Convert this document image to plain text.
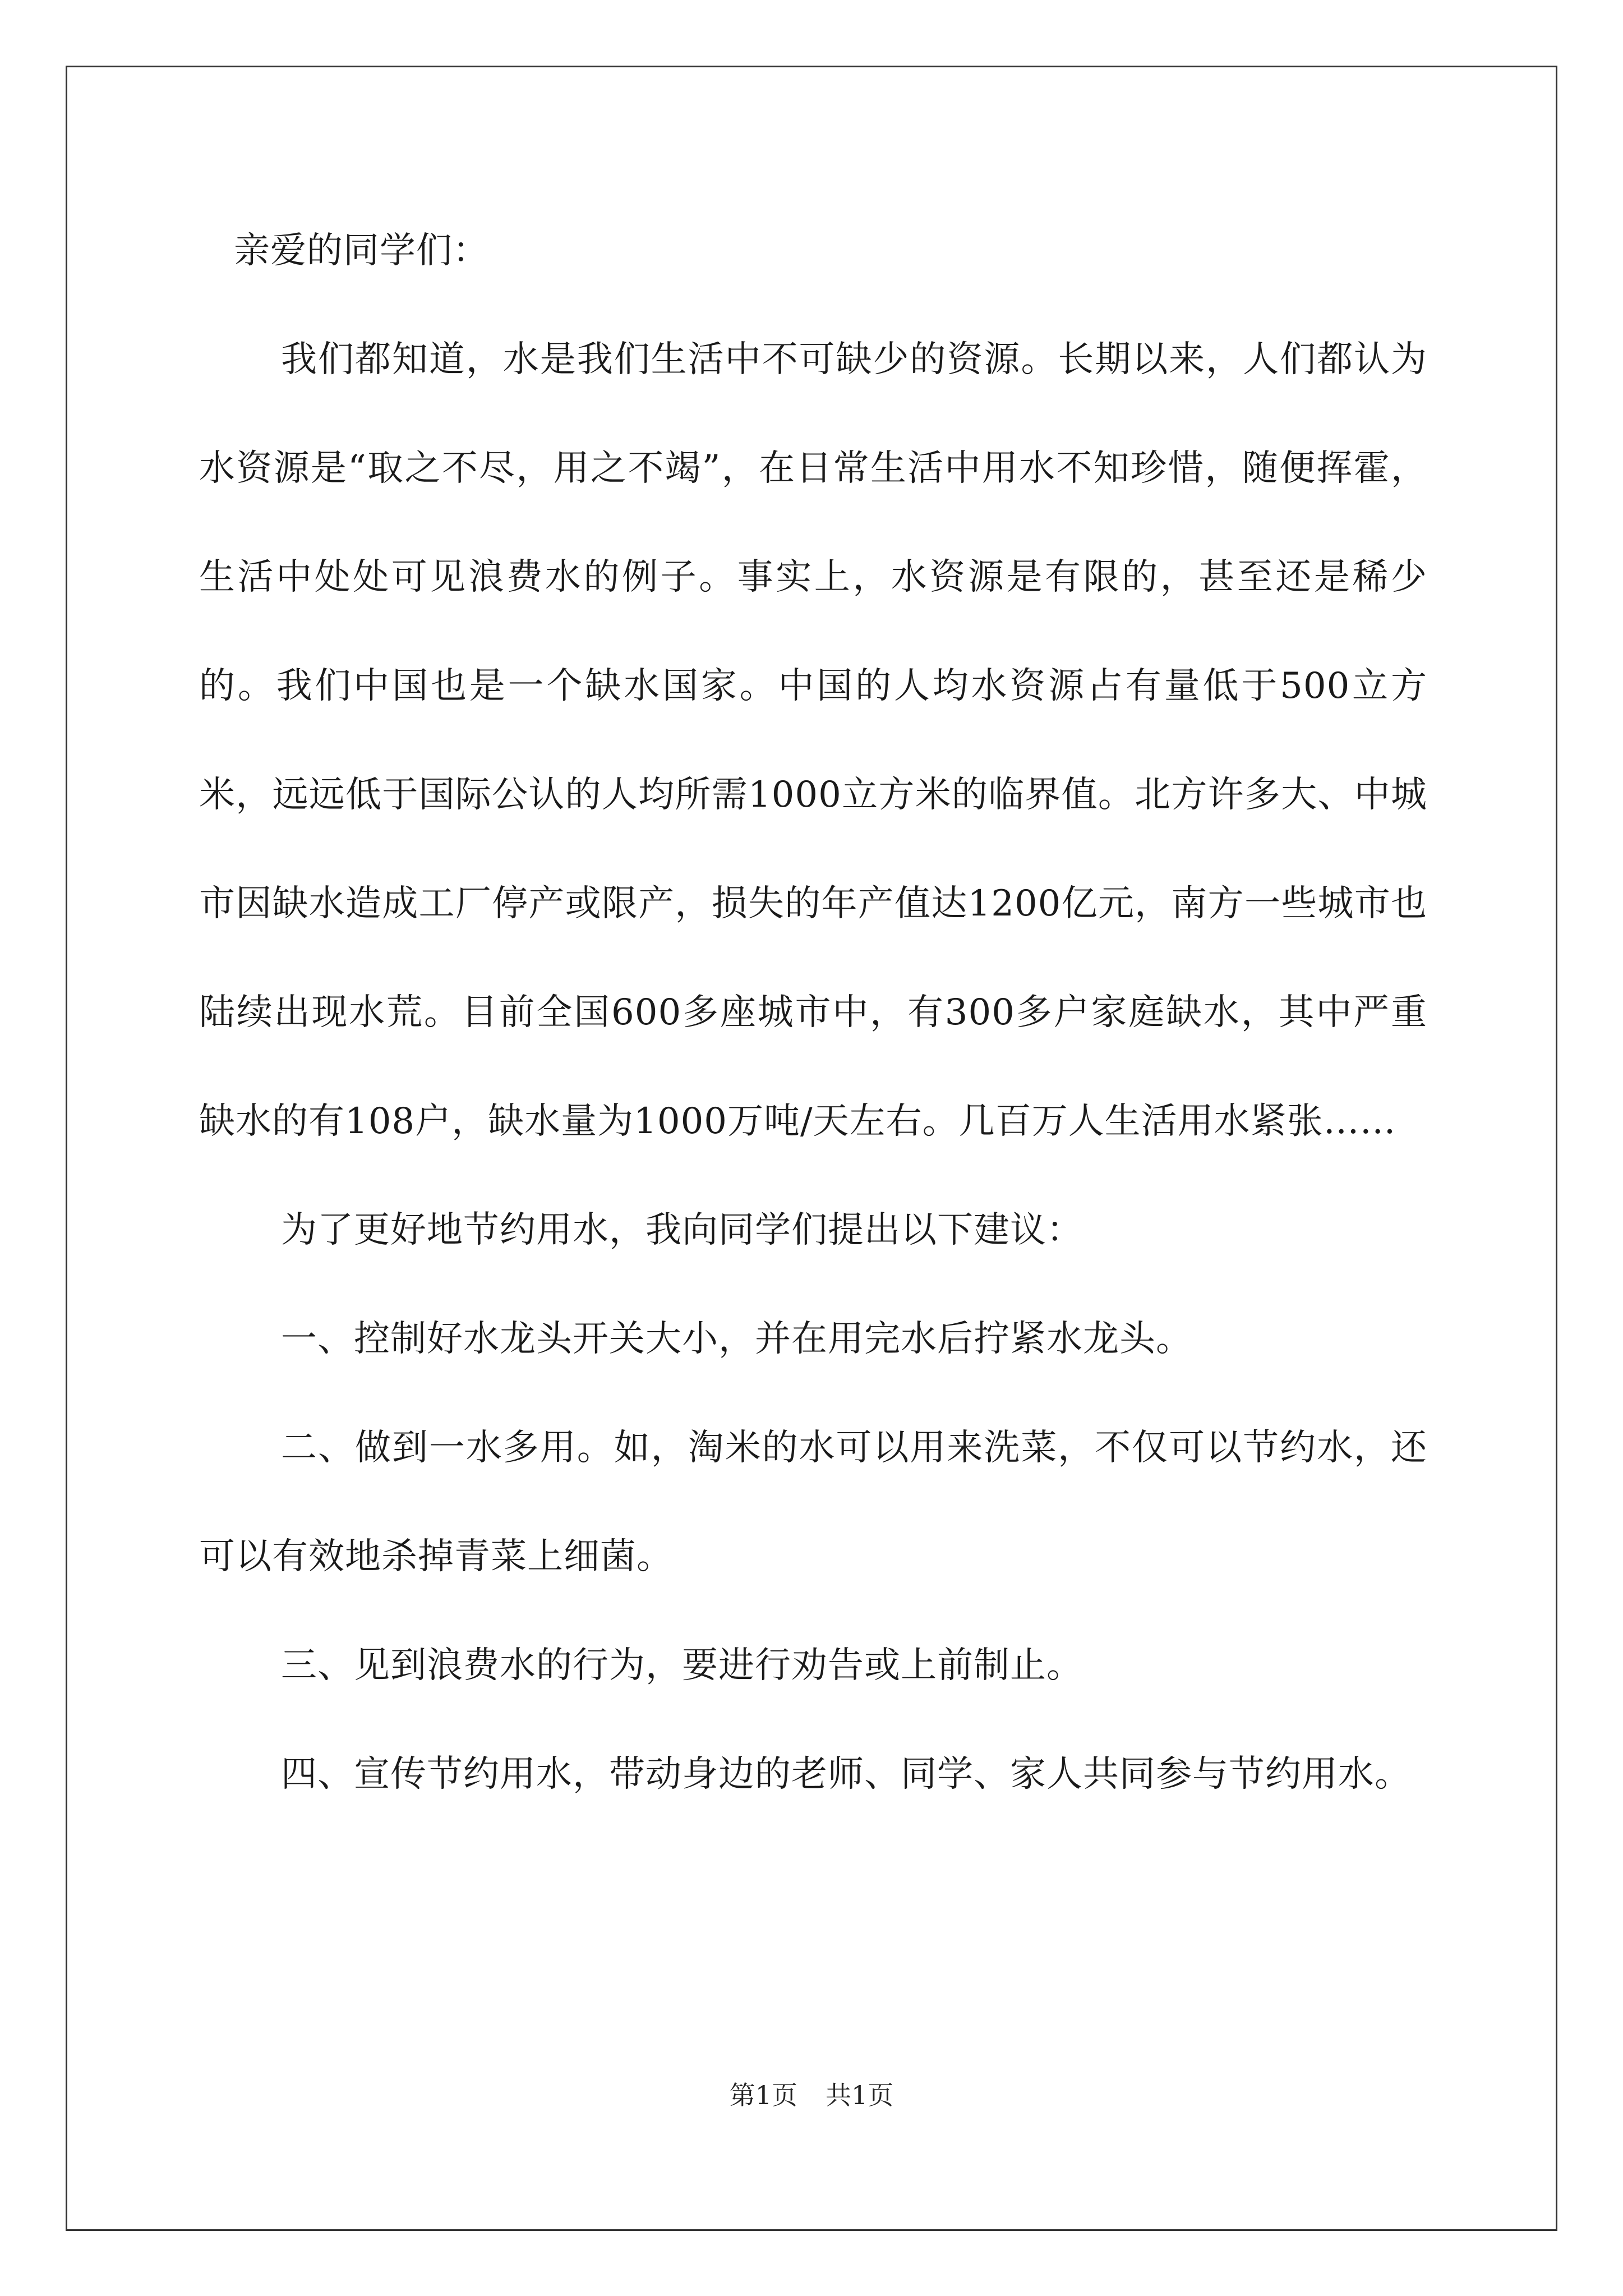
亲爱的同学们：

我们都知道，水是我们生活中不可缺少的资源。长期以来，人们都认为水资源是“取之不尽，用之不竭”，在日常生活中用水不知珍惜，随便挥霍，生活中处处可见浪费水的例子。事实上，水资源是有限的，甚至还是稀少的。我们中国也是一个缺水国家。中国的人均水资源占有量低于500立方米，远远低于国际公认的人均所需1000立方米的临界值。北方许多大、中城市因缺水造成工厂停产或限产，损失的年产值达1200亿元，南方一些城市也陆续出现水荒。目前全国600多座城市中，有300多户家庭缺水，其中严重缺水的有108户，缺水量为1000万吨/天左右。几百万人生活用水紧张……

为了更好地节约用水，我向同学们提出以下建议：

一、控制好水龙头开关大小，并在用完水后拧紧水龙头。

二、做到一水多用。如，淘米的水可以用来洗菜，不仅可以节约水，还可以有效地杀掉青菜上细菌。

三、见到浪费水的行为，要进行劝告或上前制止。

四、宣传节约用水，带动身边的老师、同学、家人共同参与节约用水。

第1页 共1页
